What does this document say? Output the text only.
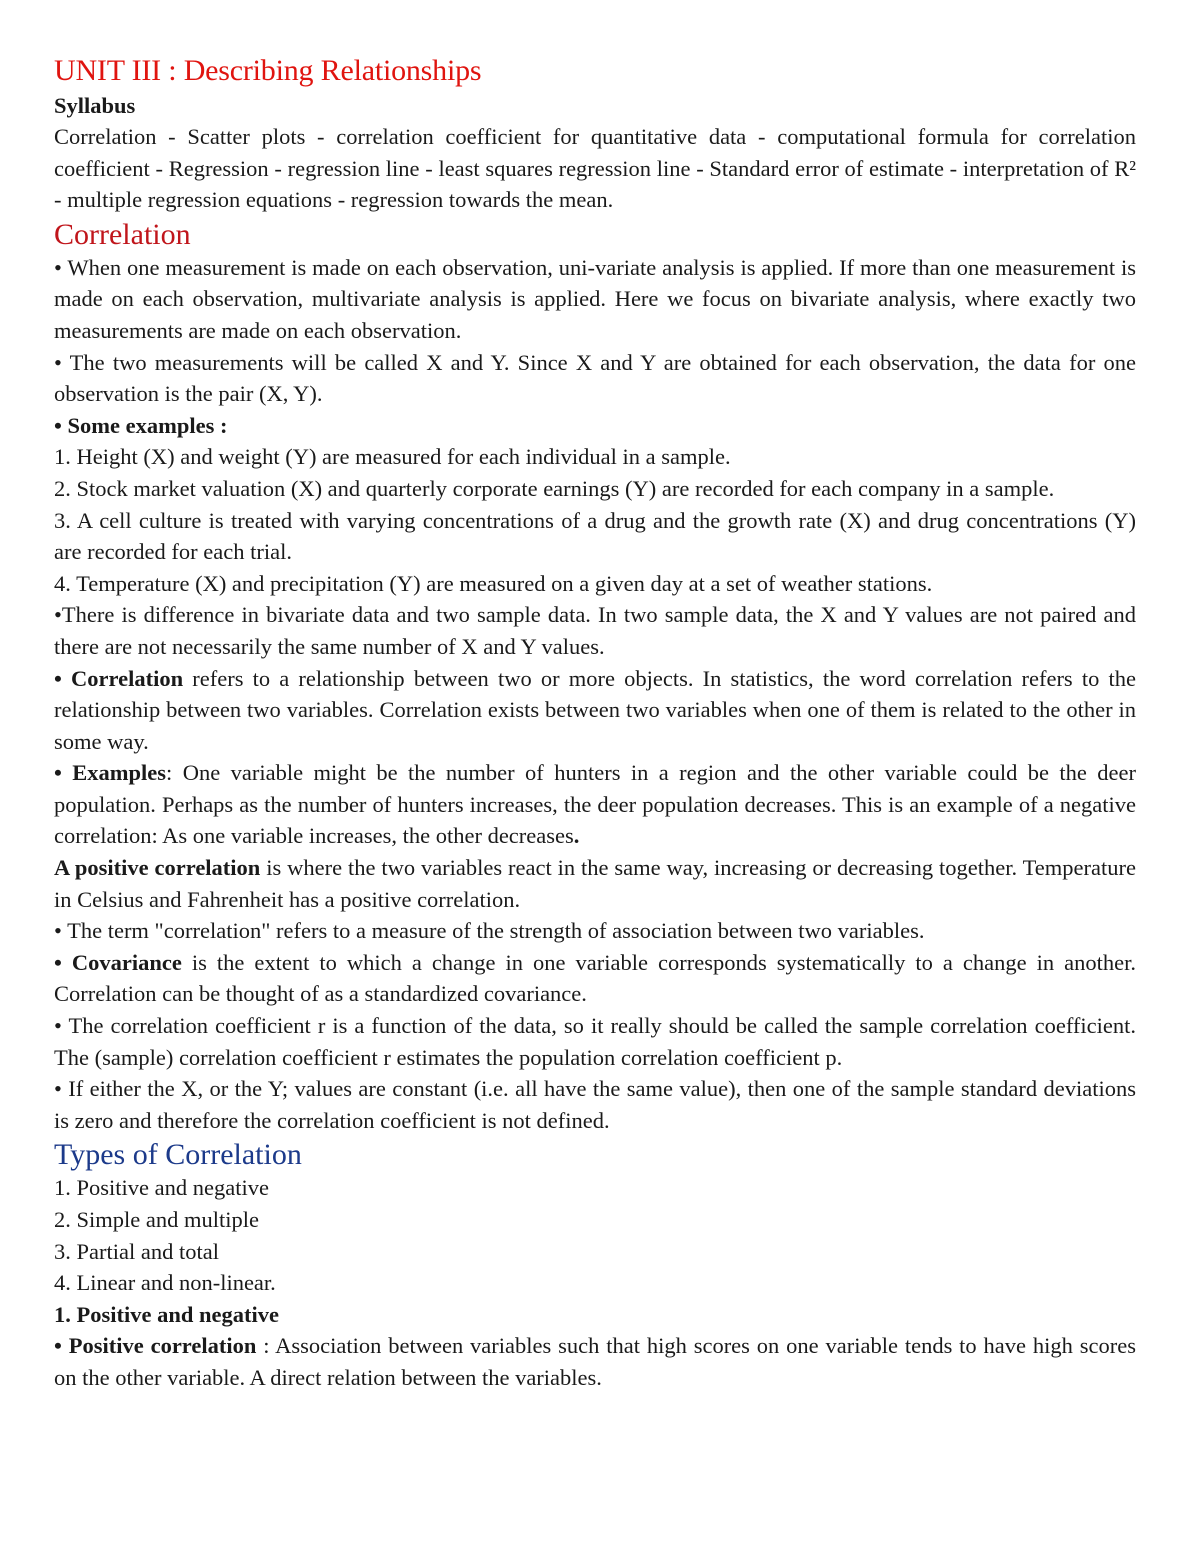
UNIT III : Describing Relationships
Syllabus

Correlation - Scatter plots - correlation coefficient for quantitative data - computational formula for correlation coefficient - Regression - regression line - least squares regression line - Standard error of estimate - interpretation of R² - multiple regression equations - regression towards the mean.

Correlation

• When one measurement is made on each observation, uni-variate analysis is applied. If more than one measurement is made on each observation, multivariate analysis is applied. Here we focus on bivariate analysis, where exactly two measurements are made on each observation.

• The two measurements will be called X and Y. Since X and Y are obtained for each observation, the data for one observation is the pair (X, Y).

• Some examples :

1. Height (X) and weight (Y) are measured for each individual in a sample.

2. Stock market valuation (X) and quarterly corporate earnings (Y) are recorded for each company in a sample.

3. A cell culture is treated with varying concentrations of a drug and the growth rate (X) and drug concentrations (Y) are recorded for each trial.

4. Temperature (X) and precipitation (Y) are measured on a given day at a set of weather stations.

•There is difference in bivariate data and two sample data. In two sample data, the X and Y values are not paired and there are not necessarily the same number of X and Y values.

• Correlation refers to a relationship between two or more objects. In statistics, the word correlation refers to the relationship between two variables. Correlation exists between two variables when one of them is related to the other in some way.

• Examples: One variable might be the number of hunters in a region and the other variable could be the deer population. Perhaps as the number of hunters increases, the deer population decreases. This is an example of a negative correlation: As one variable increases, the other decreases.

A positive correlation is where the two variables react in the same way, increasing or decreasing together. Temperature in Celsius and Fahrenheit has a positive correlation.

• The term "correlation" refers to a measure of the strength of association between two variables.

• Covariance is the extent to which a change in one variable corresponds systematically to a change in another. Correlation can be thought of as a standardized covariance.

• The correlation coefficient r is a function of the data, so it really should be called the sample correlation coefficient. The (sample) correlation coefficient r estimates the population correlation coefficient p.

• If either the X, or the Y; values are constant (i.e. all have the same value), then one of the sample standard deviations is zero and therefore the correlation coefficient is not defined.

Types of Correlation

1. Positive and negative

2. Simple and multiple

3. Partial and total

4. Linear and non-linear.

1. Positive and negative

• Positive correlation : Association between variables such that high scores on one variable tends to have high scores on the other variable. A direct relation between the variables.
